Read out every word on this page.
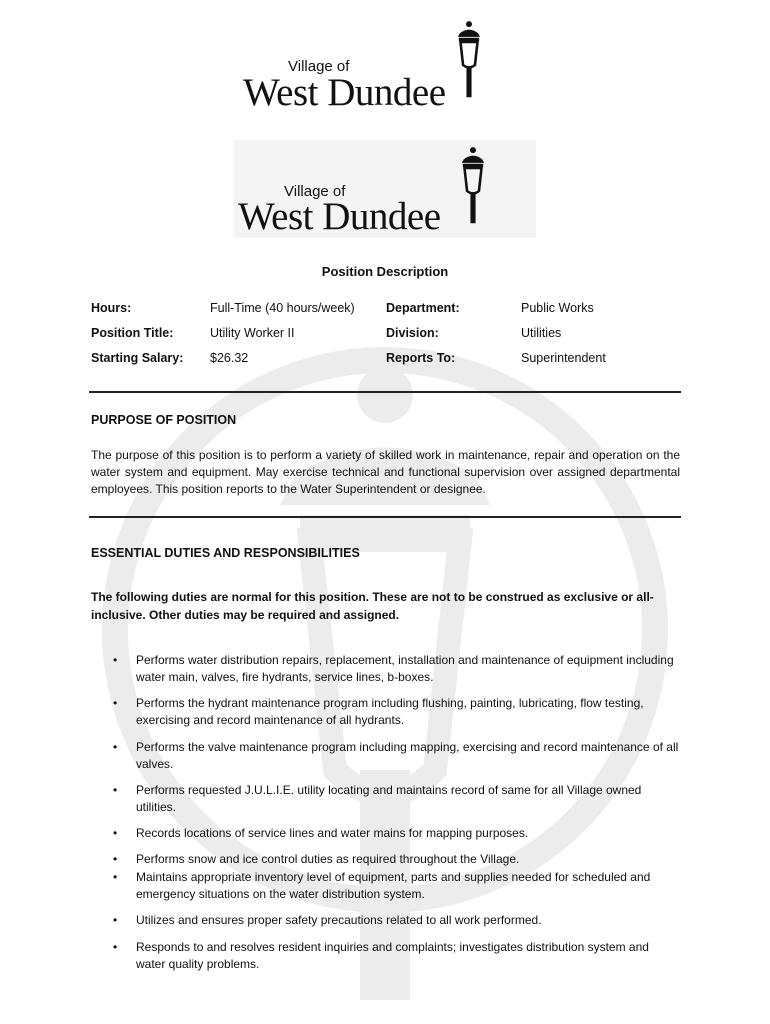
Village of
West Dundee
Village of
West Dundee
Position Description
Hours:	Full-Time (40 hours/week)	Department:	Public Works
Position Title:	Utility Worker II	Division:	Utilities
Starting Salary: $26.32	Reports To:	Superintendent
PURPOSE OF POSITION
The purpose of this position is to perform a variety of skilled work in maintenance, repair and operation on the water system and equipment. May exercise technical and functional supervision over assigned departmental employees. This position reports to the Water Superintendent or designee.
ESSENTIAL DUTIES AND RESPONSIBILITIES
The following duties are normal for this position. These are not to be construed as exclusive or all-inclusive. Other duties may be required and assigned.
•	Performs water distribution repairs, replacement, installation and maintenance of equipment including water main, valves, fire hydrants, service lines, b-boxes.
•	Performs the hydrant maintenance program including flushing, painting, lubricating, flow testing, exercising and record maintenance of all hydrants.
•	Performs the valve maintenance program including mapping, exercising and record maintenance of all valves.
•	Performs requested J.U.L.I.E. utility locating and maintains record of same for all Village owned utilities.
•	Records locations of service lines and water mains for mapping purposes.
•	Performs snow and ice control duties as required throughout the Village.
•	Maintains appropriate inventory level of equipment, parts and supplies needed for scheduled and emergency situations on the water distribution system.
•	Utilizes and ensures proper safety precautions related to all work performed.
•	Responds to and resolves resident inquiries and complaints; investigates distribution system and water quality problems.
